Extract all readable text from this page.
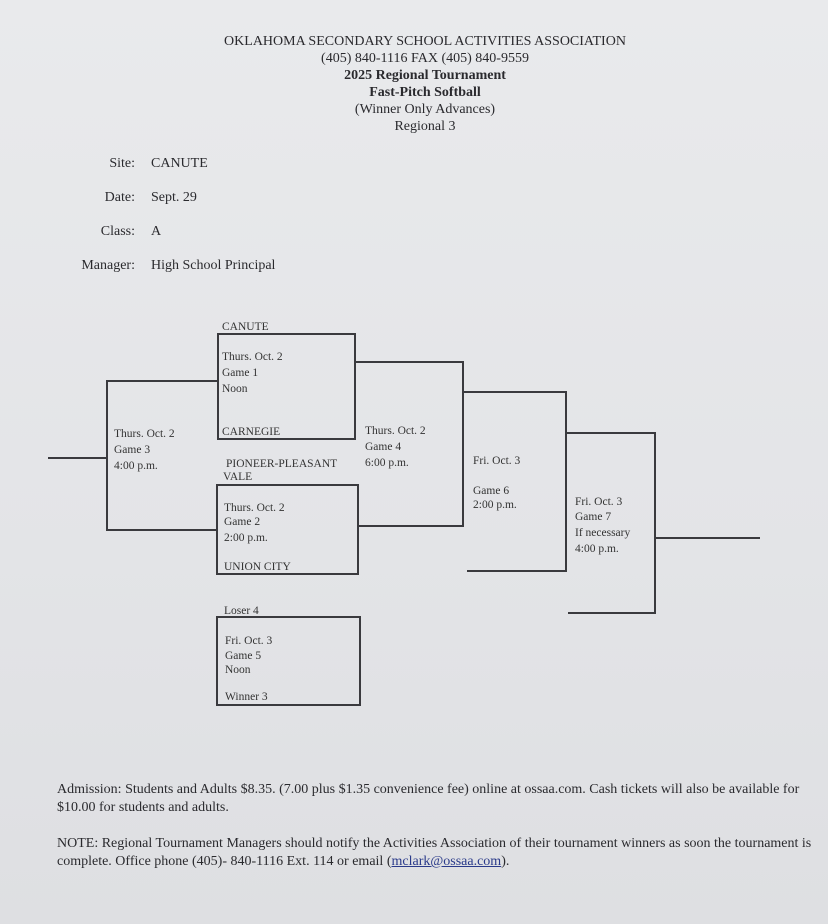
OKLAHOMA SECONDARY SCHOOL ACTIVITIES ASSOCIATION
(405) 840-1116 FAX (405) 840-9559
2025 Regional Tournament
Fast-Pitch Softball
(Winner Only Advances)
Regional 3
Site: CANUTE
Date: Sept. 29
Class: A
Manager: High School Principal
CANUTE
CARNEGIE
PIONEER-PLEASANT
VALE
UNION CITY
Loser 4
Winner 3
Thurs. Oct. 2
Game 1
Noon
Thurs. Oct. 2
Game 2
2:00 p.m.
Thurs. Oct. 2
Game 3
4:00 p.m.
Thurs. Oct. 2
Game 4
6:00 p.m.
Fri. Oct. 3
Game 5
Noon
Fri. Oct. 3
Game 6
2:00 p.m.	Fri. Oct. 3
Game 7
If necessary
4:00 p.m.
Admission: Students and Adults $8.35. (7.00 plus $1.35 convenience fee) online at ossaa.com. Cash tickets will also be available for $10.00 for students and adults.
NOTE: Regional Tournament Managers should notify the Activities Association of their tournament winners as soon the tournament is complete. Office phone (405)- 840-1116 Ext. 114 or email (mclark@ossaa.com).
